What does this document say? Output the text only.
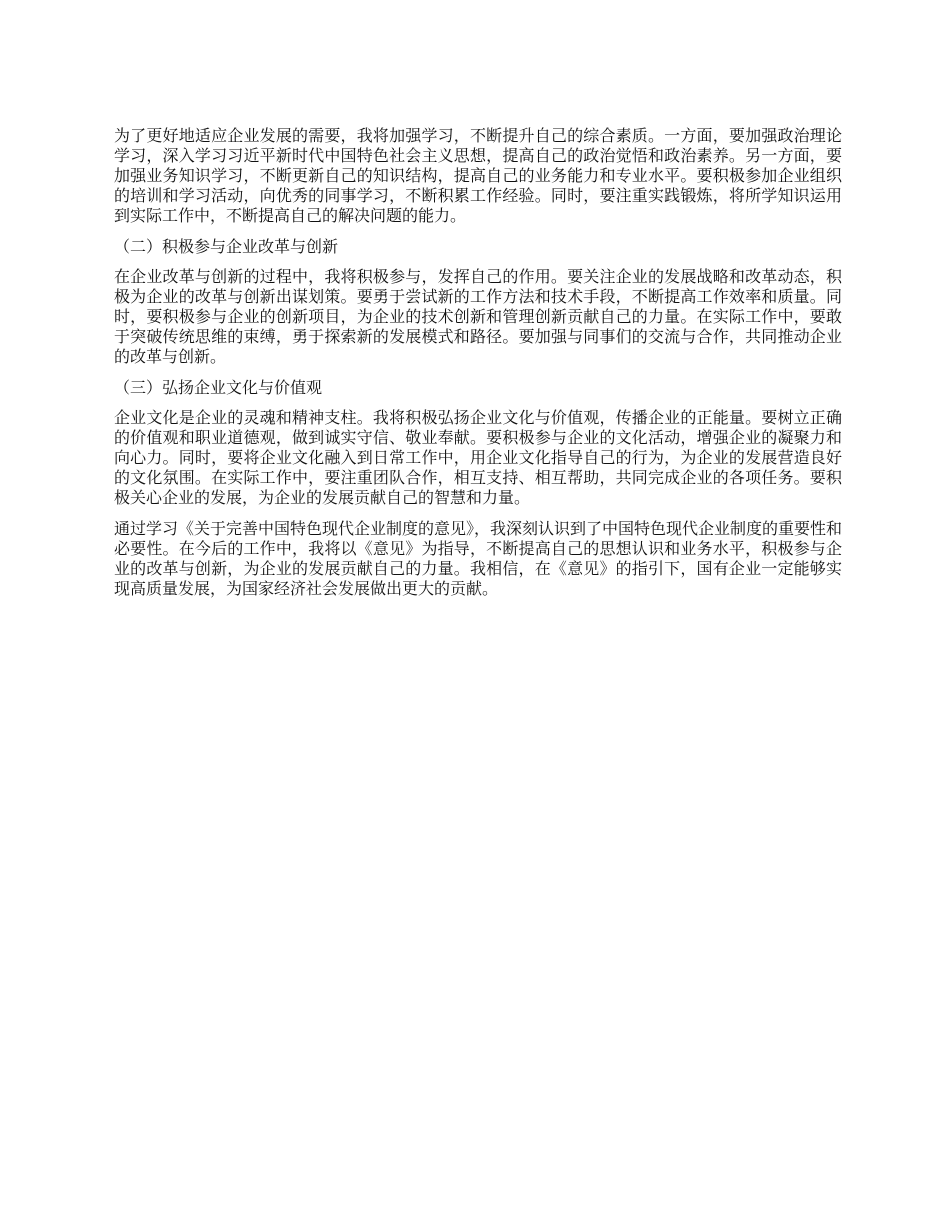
为了更好地适应企业发展的需要，我将加强学习，不断提升自己的综合素质。一方面，要加强政治理论学习，深入学习习近平新时代中国特色社会主义思想，提高自己的政治觉悟和政治素养。另一方面，要加强业务知识学习，不断更新自己的知识结构，提高自己的业务能力和专业水平。要积极参加企业组织的培训和学习活动，向优秀的同事学习，不断积累工作经验。同时，要注重实践锻炼，将所学知识运用到实际工作中，不断提高自己的解决问题的能力。

（二）积极参与企业改革与创新

在企业改革与创新的过程中，我将积极参与，发挥自己的作用。要关注企业的发展战略和改革动态，积极为企业的改革与创新出谋划策。要勇于尝试新的工作方法和技术手段，不断提高工作效率和质量。同时，要积极参与企业的创新项目，为企业的技术创新和管理创新贡献自己的力量。在实际工作中，要敢于突破传统思维的束缚，勇于探索新的发展模式和路径。要加强与同事们的交流与合作，共同推动企业的改革与创新。

（三）弘扬企业文化与价值观

企业文化是企业的灵魂和精神支柱。我将积极弘扬企业文化与价值观，传播企业的正能量。要树立正确的价值观和职业道德观，做到诚实守信、敬业奉献。要积极参与企业的文化活动，增强企业的凝聚力和向心力。同时，要将企业文化融入到日常工作中，用企业文化指导自己的行为，为企业的发展营造良好的文化氛围。在实际工作中，要注重团队合作，相互支持、相互帮助，共同完成企业的各项任务。要积极关心企业的发展，为企业的发展贡献自己的智慧和力量。

通过学习《关于完善中国特色现代企业制度的意见》，我深刻认识到了中国特色现代企业制度的重要性和必要性。在今后的工作中，我将以《意见》为指导，不断提高自己的思想认识和业务水平，积极参与企业的改革与创新，为企业的发展贡献自己的力量。我相信，在《意见》的指引下，国有企业一定能够实现高质量发展，为国家经济社会发展做出更大的贡献。
